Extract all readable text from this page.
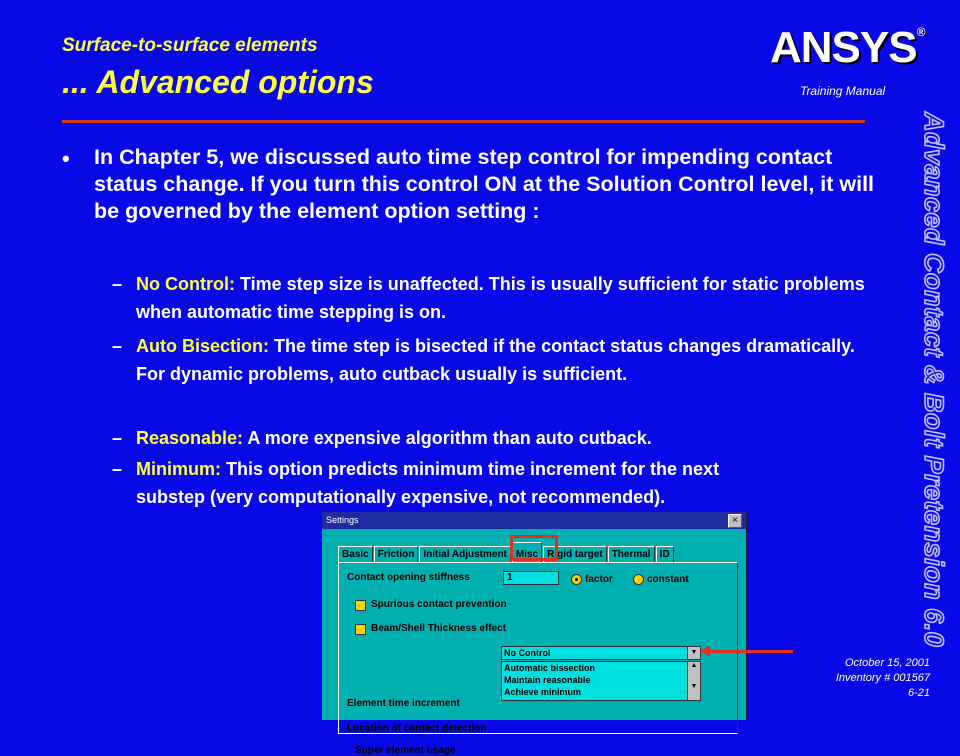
Surface-to-surface elements
... Advanced options
ANSYS®
Training Manual
Advanced Contact & Bolt Pretension 6.0
• In Chapter 5, we discussed auto time step control for impending contact status change. If you turn this control ON at the Solution Control level, it will be governed by the element option setting :
– No Control: Time step size is unaffected. This is usually sufficient for static problems when automatic time stepping is on.
– Auto Bisection: The time step is bisected if the contact status changes dramatically. For dynamic problems, auto cutback usually is sufficient.
– Reasonable: A more expensive algorithm than auto cutback.
– Minimum: This option predicts minimum time increment for the next substep (very computationally expensive, not recommended).
October 15, 2001
Inventory # 001567
6-21
Settings	×
Basic Friction Initial Adjustment Misc Rigid target Thermal ID
Contact opening stiffness	1	factor	constant
Spurious contact prevention
Beam/Shell Thickness effect
Element time increment
No Control	▼
Automatic bissection
Maintain reasonable
Achieve minimum
▲
▼
Location of contact detection
Super element usage
